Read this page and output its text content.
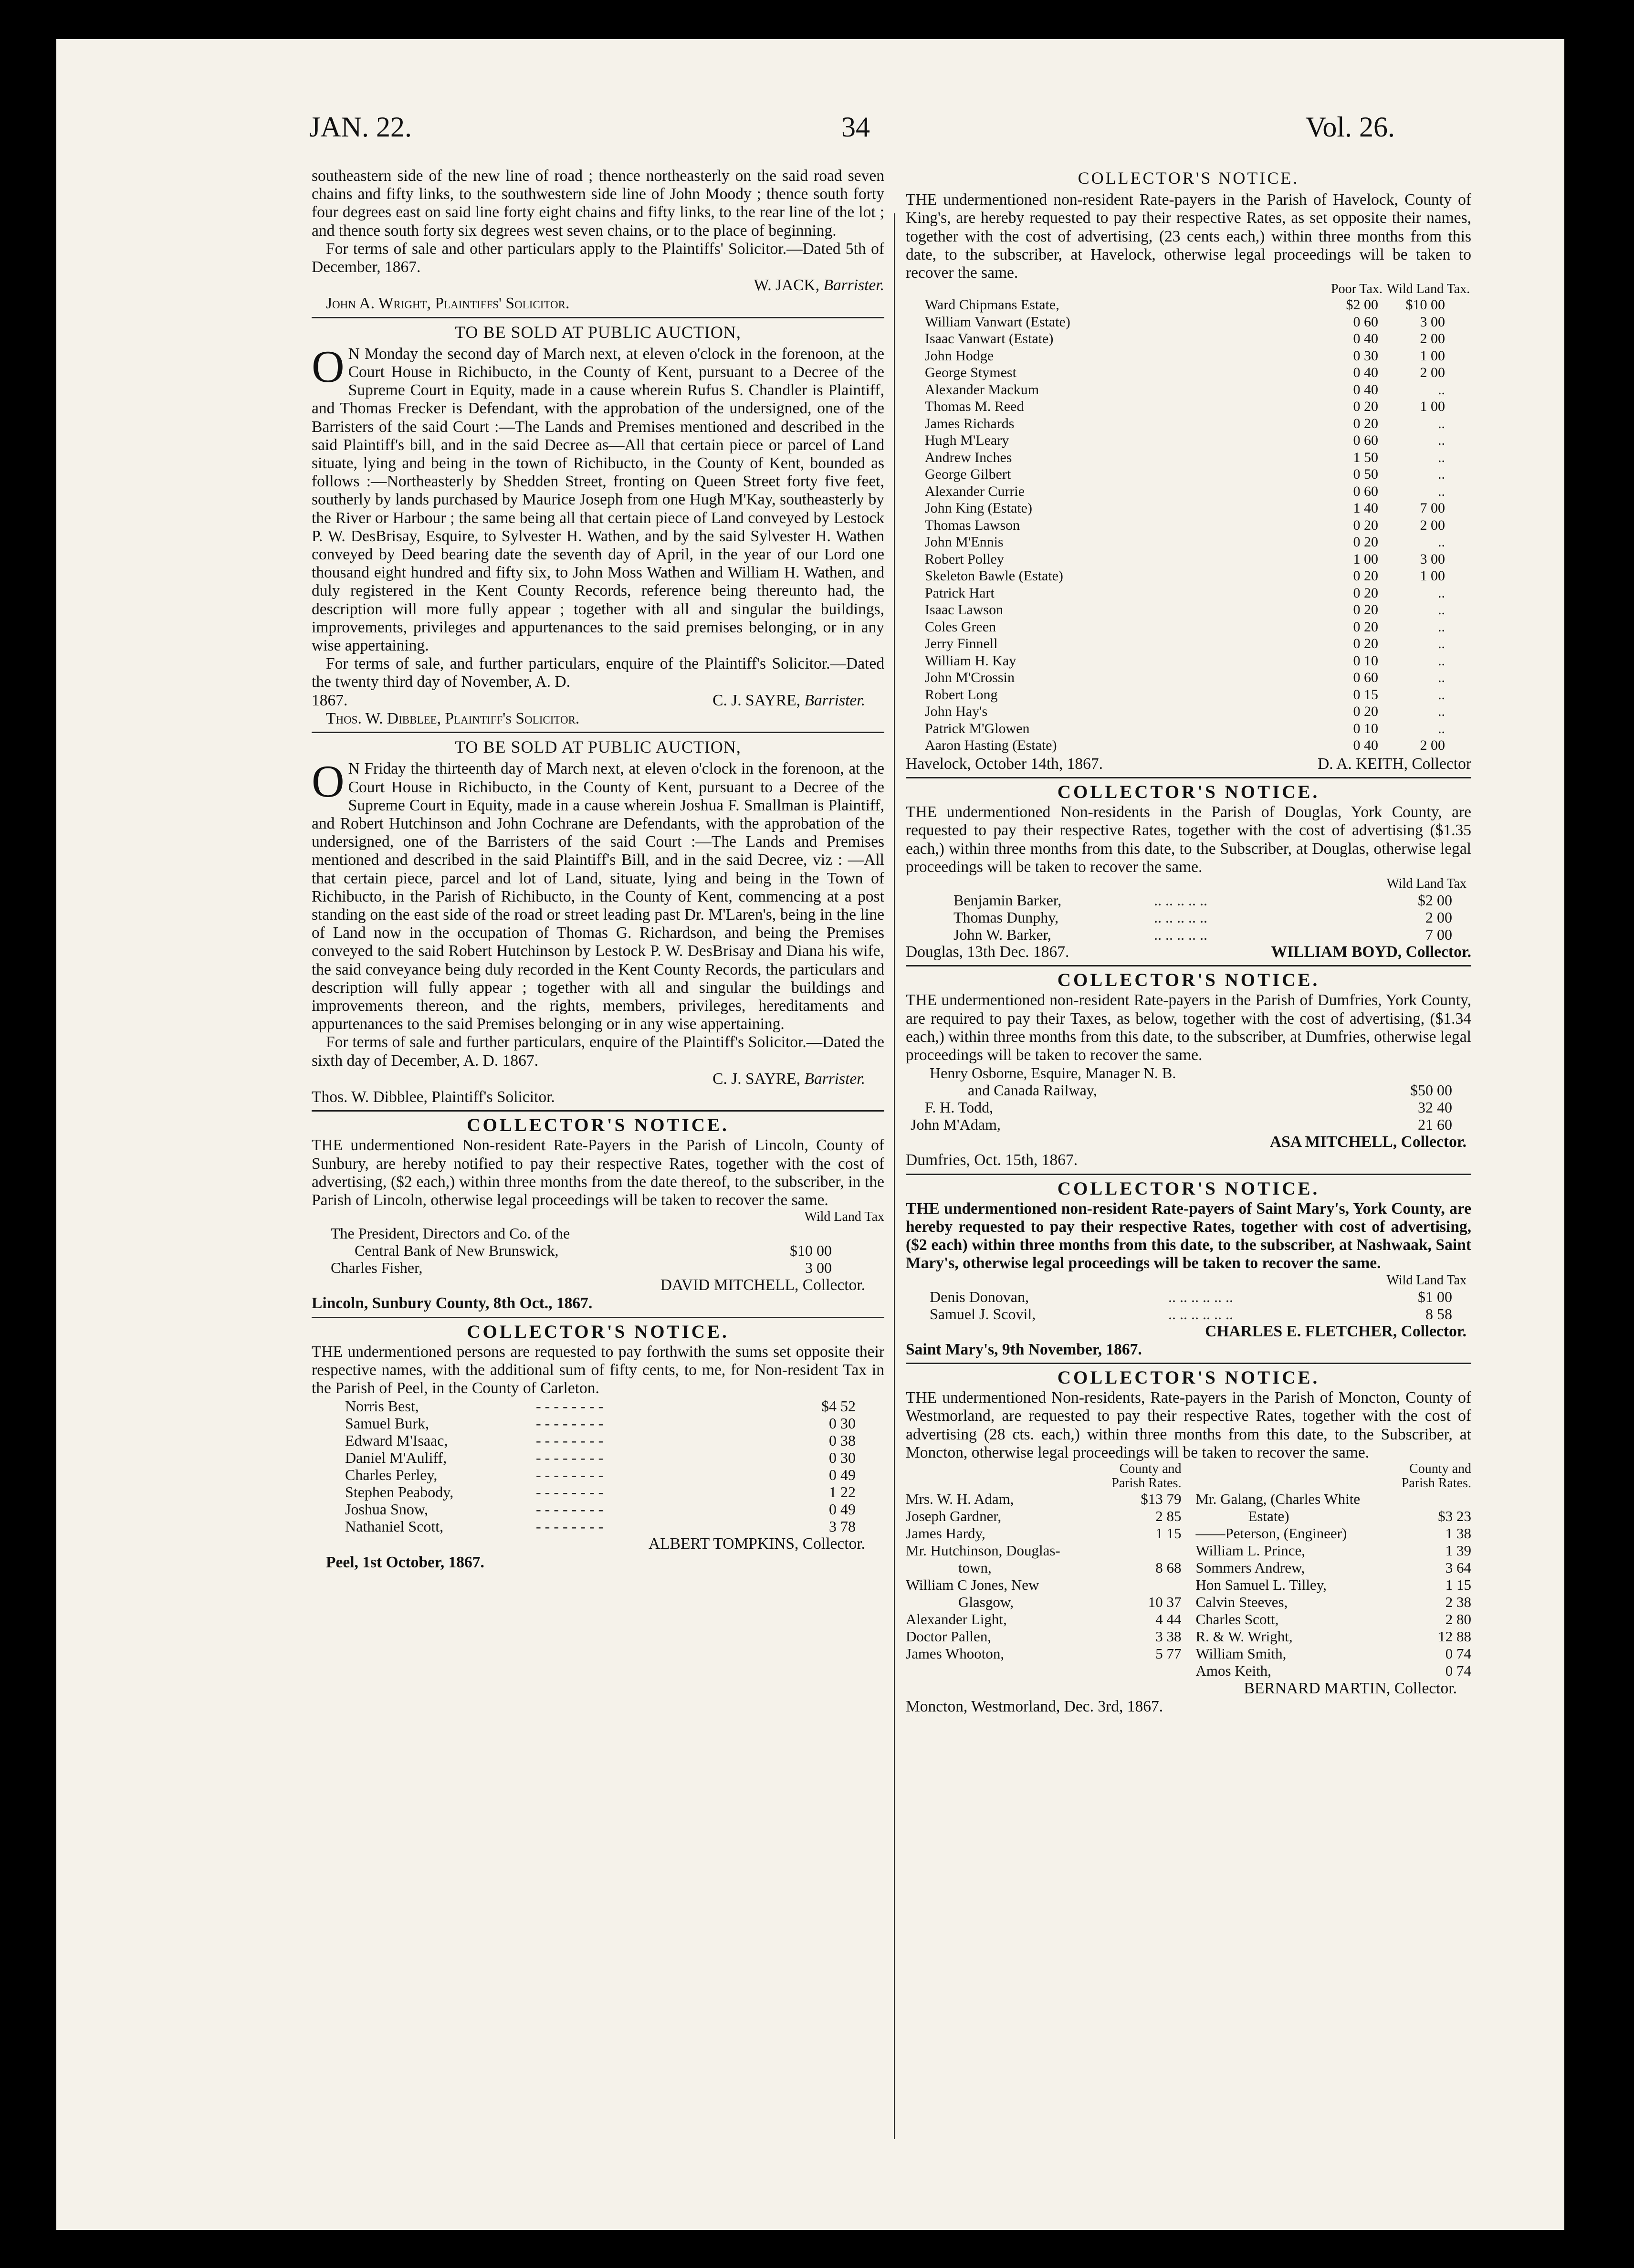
JAN. 22.	34	Vol. 26.

southeastern side of the new line of road ; thence northeasterly on the said road seven chains and fifty links, to the southwestern side line of John Moody ; thence south forty four degrees east on said line forty eight chains and fifty links, to the rear line of the lot ; and thence south forty six degrees west seven chains, or to the place of beginning.

For terms of sale and other particulars apply to the Plaintiffs' Solicitor.—Dated 5th of December, 1867.

W. JACK, Barrister.

John A. Wright, Plaintiffs' Solicitor.

TO BE SOLD AT PUBLIC AUCTION,

O N Monday the second day of March next, at eleven o'clock in the forenoon, at the Court House in Richibucto, in the County of Kent, pursuant to a Decree of the Supreme Court in Equity, made in a cause wherein Rufus S. Chandler is Plaintiff, and Thomas Frecker is Defendant, with the approbation of the undersigned, one of the Barristers of the said Court :—The Lands and Premises mentioned and described in the said Plaintiff's bill, and in the said Decree as—All that certain piece or parcel of Land situate, lying and being in the town of Richibucto, in the County of Kent, bounded as follows :—Northeasterly by Shedden Street, fronting on Queen Street forty five feet, southerly by lands purchased by Maurice Joseph from one Hugh M'Kay, southeasterly by the River or Harbour ; the same being all that certain piece of Land conveyed by Lestock P. W. DesBrisay, Esquire, to Sylvester H. Wathen, and by the said Sylvester H. Wathen conveyed by Deed bearing date the seventh day of April, in the year of our Lord one thousand eight hundred and fifty six, to John Moss Wathen and William H. Wathen, and duly registered in the Kent County Records, reference being thereunto had, the description will more fully appear ; together with all and singular the buildings, improvements, privileges and appurtenances to the said premises belonging, or in any wise appertaining.

For terms of sale, and further particulars, enquire of the Plaintiff's Solicitor.—Dated the twenty third day of November, A. D.

1867.	C. J. SAYRE, Barrister.

Thos. W. Dibblee, Plaintiff's Solicitor.

TO BE SOLD AT PUBLIC AUCTION,

O N Friday the thirteenth day of March next, at eleven o'clock in the forenoon, at the Court House in Richibucto, in the County of Kent, pursuant to a Decree of the Supreme Court in Equity, made in a cause wherein Joshua F. Smallman is Plaintiff, and Robert Hutchinson and John Cochrane are Defendants, with the approbation of the undersigned, one of the Barristers of the said Court :—The Lands and Premises mentioned and described in the said Plaintiff's Bill, and in the said Decree, viz : —All that certain piece, parcel and lot of Land, situate, lying and being in the Town of Richibucto, in the Parish of Richibucto, in the County of Kent, commencing at a post standing on the east side of the road or street leading past Dr. M'Laren's, being in the line of Land now in the occupation of Thomas G. Richardson, and being the Premises conveyed to the said Robert Hutchinson by Lestock P. W. DesBrisay and Diana his wife, the said conveyance being duly recorded in the Kent County Records, the particulars and description will fully appear ; together with all and singular the buildings and improvements thereon, and the rights, members, privileges, hereditaments and appurtenances to the said Premises belonging or in any wise appertaining.

For terms of sale and further particulars, enquire of the Plaintiff's Solicitor.—Dated the sixth day of December, A. D. 1867.

C. J. SAYRE, Barrister.

Thos. W. Dibblee, Plaintiff's Solicitor.

COLLECTOR'S NOTICE.

THE undermentioned Non-resident Rate-Payers in the Parish of Lincoln, County of Sunbury, are hereby notified to pay their respective Rates, together with the cost of advertising, ($2 each,) within three months from the date thereof, to the subscriber, in the Parish of Lincoln, otherwise legal proceedings will be taken to recover the same.

Wild Land Tax
The President, Directors and Co. of the	
Central Bank of New Brunswick,	$10 00
Charles Fisher,	3 00

DAVID MITCHELL, Collector.

Lincoln, Sunbury County, 8th Oct., 1867.

COLLECTOR'S NOTICE.

THE undermentioned persons are requested to pay forthwith the sums set opposite their respective names, with the additional sum of fifty cents, to me, for Non-resident Tax in the Parish of Peel, in the County of Carleton.

Norris Best,	- - - - - - - -	$4 52
Samuel Burk,	- - - - - - - -	0 30
Edward M'Isaac,	- - - - - - - -	0 38
Daniel M'Auliff,	- - - - - - - -	0 30
Charles Perley,	- - - - - - - -	0 49
Stephen Peabody,	- - - - - - - -	1 22
Joshua Snow,	- - - - - - - -	0 49
Nathaniel Scott,	- - - - - - - -	3 78

ALBERT TOMPKINS, Collector.

Peel, 1st October, 1867.

COLLECTOR'S NOTICE.

THE undermentioned non-resident Rate-payers in the Parish of Havelock, County of King's, are hereby requested to pay their respective Rates, as set opposite their names, together with the cost of advertising, (23 cents each,) within three months from this date, to the subscriber, at Havelock, otherwise legal proceedings will be taken to recover the same.

	Poor Tax.	Wild Land Tax.
Ward Chipmans Estate,	$2 00	$10 00
William Vanwart (Estate)	0 60	3 00
Isaac Vanwart (Estate)	0 40	2 00
John Hodge	0 30	1 00
George Stymest	0 40	2 00
Alexander Mackum	0 40	..
Thomas M. Reed	0 20	1 00
James Richards	0 20	..
Hugh M'Leary	0 60	..
Andrew Inches	1 50	..
George Gilbert	0 50	..
Alexander Currie	0 60	..
John King (Estate)	1 40	7 00
Thomas Lawson	0 20	2 00
John M'Ennis	0 20	..
Robert Polley	1 00	3 00
Skeleton Bawle (Estate)	0 20	1 00
Patrick Hart	0 20	..
Isaac Lawson	0 20	..
Coles Green	0 20	..
Jerry Finnell	0 20	..
William H. Kay	0 10	..
John M'Crossin	0 60	..
Robert Long	0 15	..
John Hay's	0 20	..
Patrick M'Glowen	0 10	..
Aaron Hasting (Estate)	0 40	2 00

Havelock, October 14th, 1867.	D. A. KEITH, Collector

COLLECTOR'S NOTICE.

THE undermentioned Non-residents in the Parish of Douglas, York County, are requested to pay their respective Rates, together with the cost of advertising ($1.35 each,) within three months from this date, to the Subscriber, at Douglas, otherwise legal proceedings will be taken to recover the same.

Wild Land Tax
Benjamin Barker,	.. .. .. .. ..	$2 00
Thomas Dunphy,	.. .. .. .. ..	2 00
John W. Barker,	.. .. .. .. ..	7 00

Douglas, 13th Dec. 1867.	WILLIAM BOYD, Collector.

COLLECTOR'S NOTICE.

THE undermentioned non-resident Rate-payers in the Parish of Dumfries, York County, are required to pay their Taxes, as below, together with the cost of advertising, ($1.34 each,) within three months from this date, to the subscriber, at Dumfries, otherwise legal proceedings will be taken to recover the same.

Henry Osborne, Esquire, Manager N. B.	
and Canada Railway,	$50 00
F. H. Todd,	32 40
John M'Adam,	21 60

ASA MITCHELL, Collector.

Dumfries, Oct. 15th, 1867.

COLLECTOR'S NOTICE.

THE undermentioned non-resident Rate-payers of Saint Mary's, York County, are hereby requested to pay their respective Rates, together with cost of advertising, ($2 each) within three months from this date, to the subscriber, at Nashwaak, Saint Mary's, otherwise legal proceedings will be taken to recover the same.

Wild Land Tax
Denis Donovan,	.. .. .. .. .. ..	$1 00
Samuel J. Scovil,	.. .. .. .. .. ..	8 58

CHARLES E. FLETCHER, Collector.

Saint Mary's, 9th November, 1867.

COLLECTOR'S NOTICE.

THE undermentioned Non-residents, Rate-payers in the Parish of Moncton, County of Westmorland, are requested to pay their respective Rates, together with the cost of advertising (28 cts. each,) within three months from this date, to the Subscriber, at Moncton, otherwise legal proceedings will be taken to recover the same.

County and
Parish Rates.
Mrs. W. H. Adam,	$13 79
Joseph Gardner,	2 85
James Hardy,	1 15
Mr. Hutchinson, Douglas-	
town,	8 68
William C Jones, New	
Glasgow,	10 37
Alexander Light,	4 44
Doctor Pallen,	3 38
James Whooton,	5 77
County and
Parish Rates.
Mr. Galang, (Charles White	
Estate)	$3 23
——Peterson, (Engineer)	1 38
William L. Prince,	1 39
Sommers Andrew,	3 64
Hon Samuel L. Tilley,	1 15
Calvin Steeves,	2 38
Charles Scott,	2 80
R. & W. Wright,	12 88
William Smith,	0 74
Amos Keith,	0 74

BERNARD MARTIN, Collector.

Moncton, Westmorland, Dec. 3rd, 1867.
